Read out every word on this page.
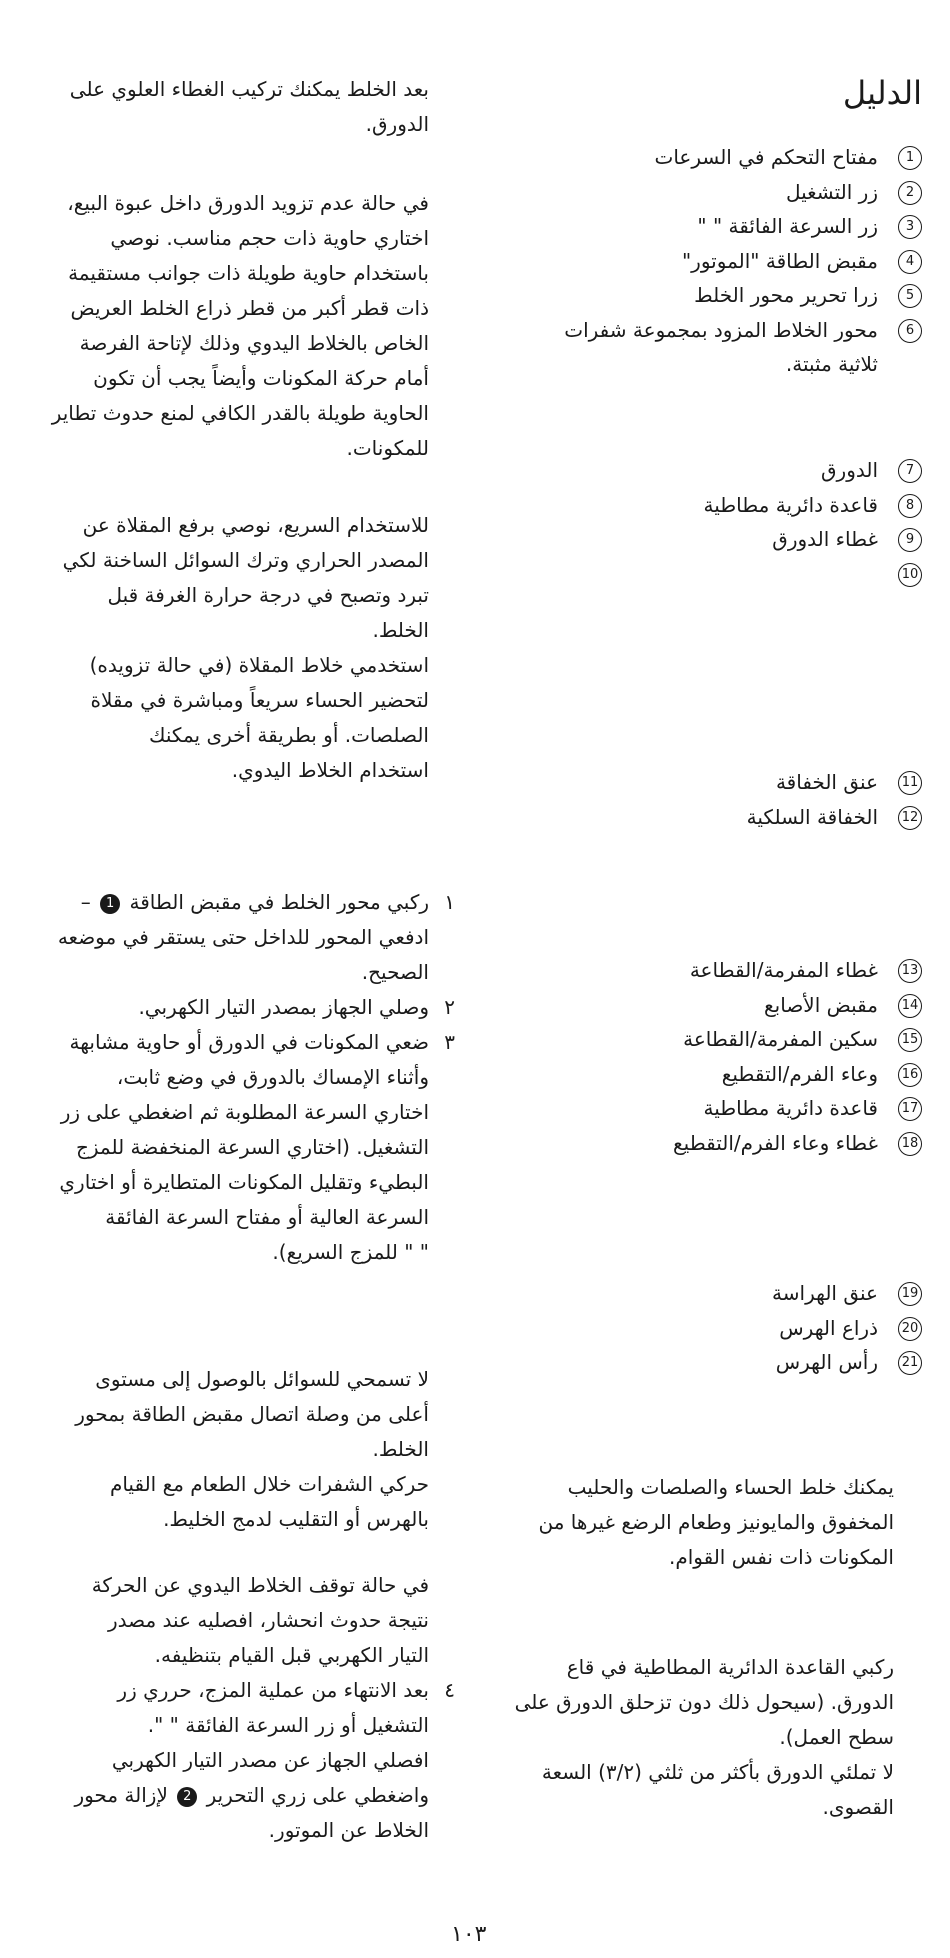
الدليل
1
مفتاح التحكم في السرعات
2
زر التشغيل
3
زر السرعة الفائقة " "
4
مقبض الطاقة "الموتور"
5
زرا تحرير محور الخلط
6
محور الخلاط المزود بمجموعة شفرات
ثلاثية مثبتة.
7
الدورق
8
قاعدة دائرية مطاطية
9
غطاء الدورق
10
11
عنق الخفاقة
12
الخفاقة السلكية
13
غطاء المفرمة/القطاعة
14
مقبض الأصابع
15
سكين المفرمة/القطاعة
16
وعاء الفرم/التقطيع
17
قاعدة دائرية مطاطية
18
غطاء وعاء الفرم/التقطيع
19
عنق الهراسة
20
ذراع الهرس
21
رأس الهرس
يمكنك خلط الحساء والصلصات والحليب
المخفوق والمايونيز وطعام الرضع غيرها من
المكونات ذات نفس القوام.
ركبي القاعدة الدائرية المطاطية في قاع
الدورق. (سيحول ذلك دون تزحلق الدورق على
سطح العمل).
لا تملئي الدورق بأكثر من ثلثي (٣/٢) السعة
القصوى.
بعد الخلط يمكنك تركيب الغطاء العلوي على
الدورق.
في حالة عدم تزويد الدورق داخل عبوة البيع،
اختاري حاوية ذات حجم مناسب. نوصي
باستخدام حاوية طويلة ذات جوانب مستقيمة
ذات قطر أكبر من قطر ذراع الخلط العريض
الخاص بالخلاط اليدوي وذلك لإتاحة الفرصة
أمام حركة المكونات وأيضاً يجب أن تكون
الحاوية طويلة بالقدر الكافي لمنع حدوث تطاير
للمكونات.
للاستخدام السريع، نوصي برفع المقلاة عن
المصدر الحراري وترك السوائل الساخنة لكي
تبرد وتصبح في درجة حرارة الغرفة قبل
الخلط.
استخدمي خلاط المقلاة (في حالة تزويده)
لتحضير الحساء سريعاً ومباشرة في مقلاة
الصلصات. أو بطريقة أخرى يمكنك
استخدام الخلاط اليدوي.
١
ركبي محور الخلط في مقبض الطاقة 1 –
ادفعي المحور للداخل حتى يستقر في موضعه
الصحيح.
٢
وصلي الجهاز بمصدر التيار الكهربي.
٣
ضعي المكونات في الدورق أو حاوية مشابهة
وأثناء الإمساك بالدورق في وضع ثابت،
اختاري السرعة المطلوبة ثم اضغطي على زر
التشغيل. (اختاري السرعة المنخفضة للمزج
البطيء وتقليل المكونات المتطايرة أو اختاري
السرعة العالية أو مفتاح السرعة الفائقة
" " للمزج السريع).
لا تسمحي للسوائل بالوصول إلى مستوى
أعلى من وصلة اتصال مقبض الطاقة بمحور
الخلط.
حركي الشفرات خلال الطعام مع القيام
بالهرس أو التقليب لدمج الخليط.
في حالة توقف الخلاط اليدوي عن الحركة
نتيجة حدوث انحشار، افصليه عند مصدر
التيار الكهربي قبل القيام بتنظيفه.
٤
بعد الانتهاء من عملية المزج، حرري زر
التشغيل أو زر السرعة الفائقة " ".
افصلي الجهاز عن مصدر التيار الكهربي
واضغطي على زري التحرير 2 لإزالة محور
الخلاط عن الموتور.
١٠٣
